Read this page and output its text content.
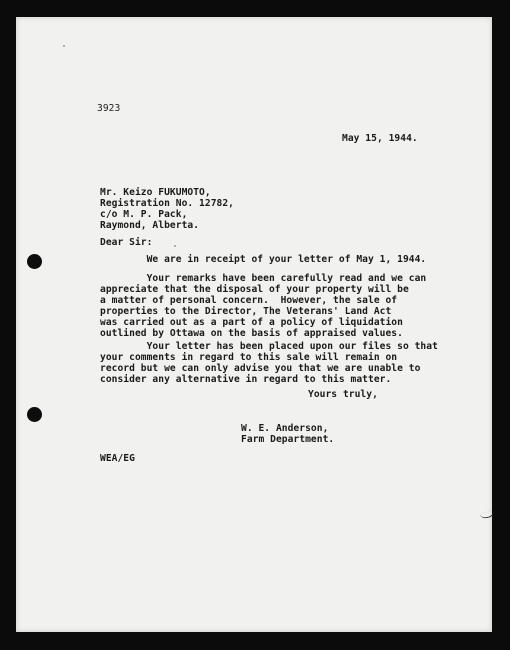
3923

May 15, 1944.

Mr. Keizo FUKUMOTO,

Registration No. 12782,

c/o M. P. Pack,

Raymond, Alberta.

Dear Sir:

We are in receipt of your letter of May 1, 1944.

Your remarks have been carefully read and we can
appreciate that the disposal of your property will be
a matter of personal concern.  However, the sale of
properties to the Director, The Veterans' Land Act
was carried out as a part of a policy of liquidation
outlined by Ottawa on the basis of appraised values.

Your letter has been placed upon our files so that
your comments in regard to this sale will remain on
record but we can only advise you that we are unable to
consider any alternative in regard to this matter.

Yours truly,

W. E. Anderson,

Farm Department.

WEA/EG
